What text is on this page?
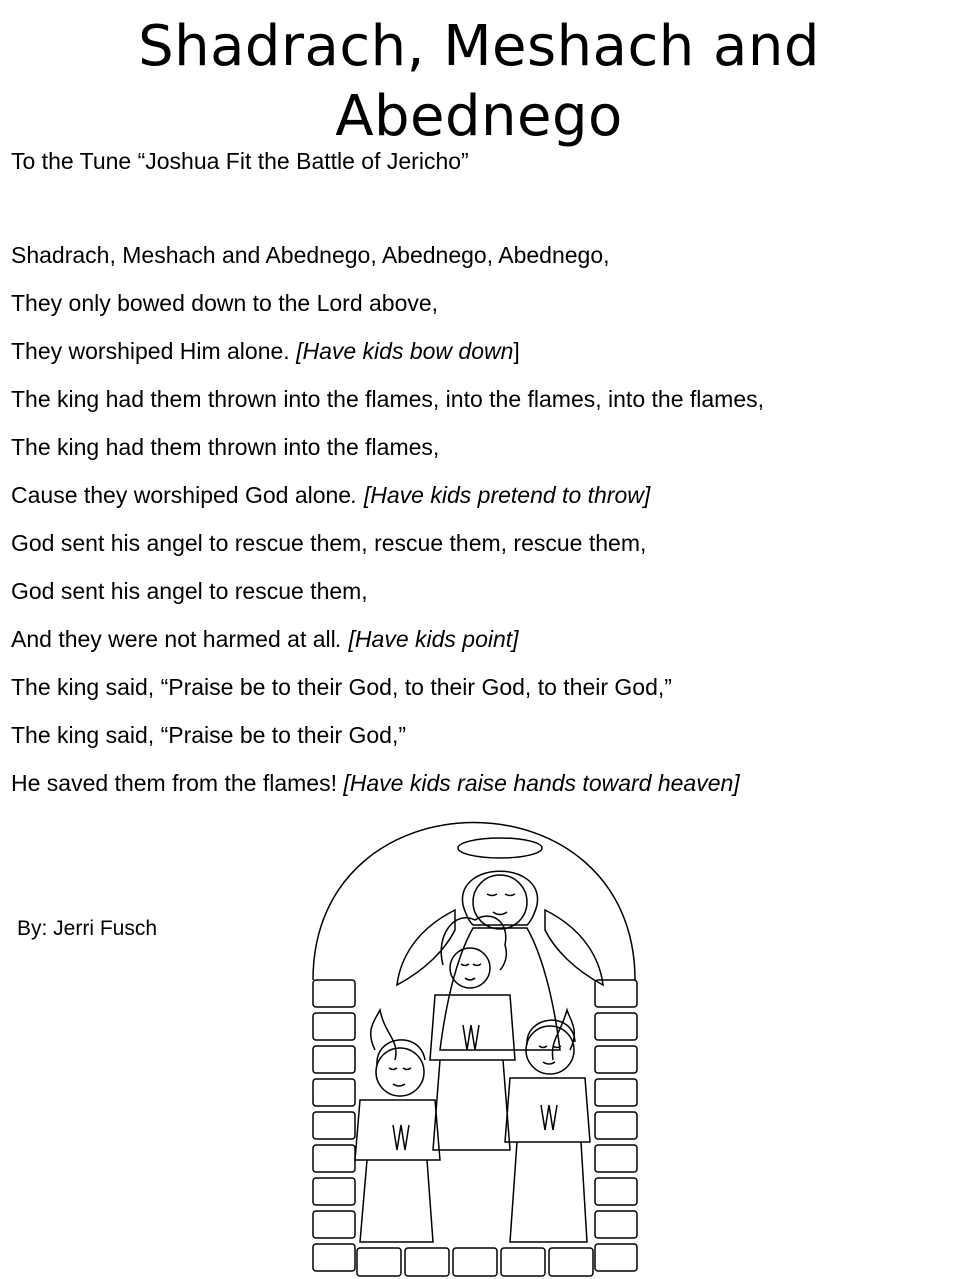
Shadrach, Meshach and Abednego

To the Tune “Joshua Fit the Battle of Jericho”

Shadrach, Meshach and Abednego, Abednego, Abednego,
They only bowed down to the Lord above,
They worshiped Him alone. [Have kids bow down]
The king had them thrown into the flames, into the flames, into the flames,
The king had them thrown into the flames,
Cause they worshiped God alone. [Have kids pretend to throw]
God sent his angel to rescue them, rescue them, rescue them,
God sent his angel to rescue them,
And they were not harmed at all. [Have kids point]
The king said, “Praise be to their God, to their God, to their God,”
The king said, “Praise be to their God,”
He saved them from the flames! [Have kids raise hands toward heaven]

By: Jerri Fusch
